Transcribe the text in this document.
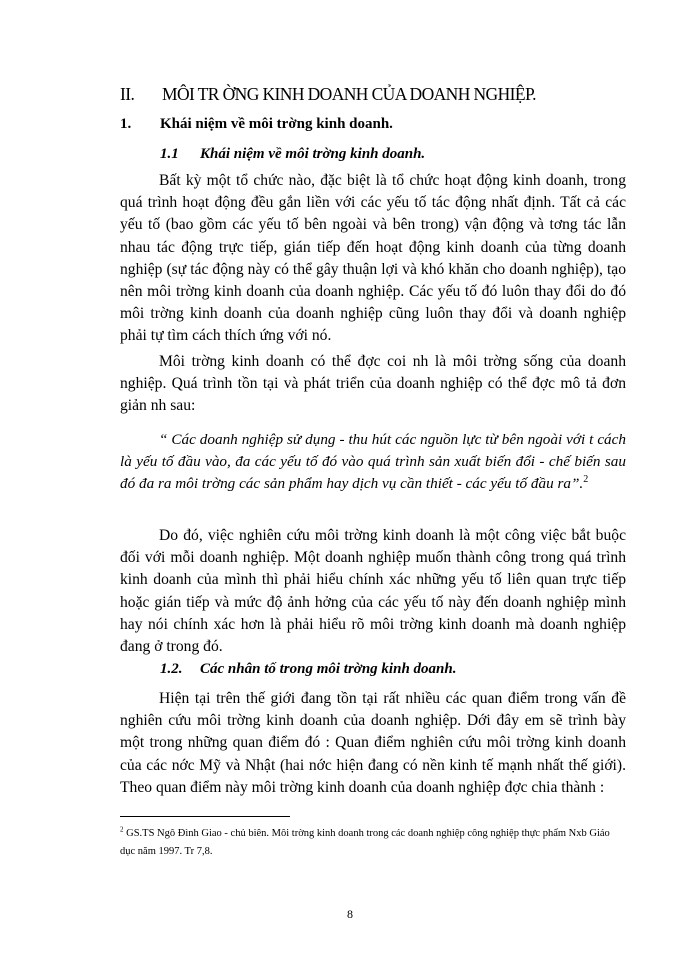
II. MÔI TR ỜNG KINH DOANH CỦA DOANH NGHIỆP.
1. Khái niệm về môi trờng kinh doanh.
1.1 Khái niệm về môi trờng kinh doanh.

Bất kỳ một tổ chức nào, đặc biệt là tổ chức hoạt động kinh doanh, trong quá trình hoạt động đều gắn liền với các yếu tố tác động nhất định. Tất cả các yếu tố (bao gồm các yếu tố bên ngoài và bên trong) vận động và tơng tác lẫn nhau tác động trực tiếp, gián tiếp đến hoạt động kinh doanh của từng doanh nghiệp (sự tác động này có thể gây thuận lợi và khó khăn cho doanh nghiệp), tạo nên môi trờng kinh doanh của doanh nghiệp. Các yếu tố đó luôn thay đổi do đó môi trờng kinh doanh của doanh nghiệp cũng luôn thay đổi và doanh nghiệp phải tự tìm cách thích ứng với nó.

Môi trờng kinh doanh có thể đợc coi nh là môi trờng sống của doanh nghiệp. Quá trình tồn tại và phát triển của doanh nghiệp có thể đợc mô tả đơn giản nh sau:

“ Các doanh nghiệp sử dụng - thu hút các nguồn lực từ bên ngoài với t cách là yếu tố đầu vào, đa các yếu tố đó vào quá trình sản xuất biến đổi - chế biến sau đó đa ra môi trờng các sản phẩm hay dịch vụ cần thiết - các yếu tố đầu ra”.$^2$

Do đó, việc nghiên cứu môi trờng kinh doanh là một công việc bắt buộc đối với mỗi doanh nghiệp. Một doanh nghiệp muốn thành công trong quá trình kinh doanh của mình thì phải hiểu chính xác những yếu tố liên quan trực tiếp hoặc gián tiếp và mức độ ảnh hởng của các yếu tố này đến doanh nghiệp mình hay nói chính xác hơn là phải hiểu rõ môi trờng kinh doanh mà doanh nghiệp đang ở trong đó.

1.2. Các nhân tố trong môi trờng kinh doanh.

Hiện tại trên thế giới đang tồn tại rất nhiều các quan điểm trong vấn đề nghiên cứu môi trờng kinh doanh của doanh nghiệp. Dới đây em sẽ trình bày một trong những quan điểm đó : Quan điểm nghiên cứu môi trờng kinh doanh của các nớc Mỹ và Nhật (hai nớc hiện đang có nền kinh tế mạnh nhất thế giới). Theo quan điểm này môi trờng kinh doanh của doanh nghiệp đợc chia thành :

$^2$ GS.TS Ngô Đình Giao - chủ biên. Môi trờng kinh doanh trong các doanh nghiệp công nghiệp thực phẩm Nxb Giáo dục năm 1997. Tr 7,8.
8
